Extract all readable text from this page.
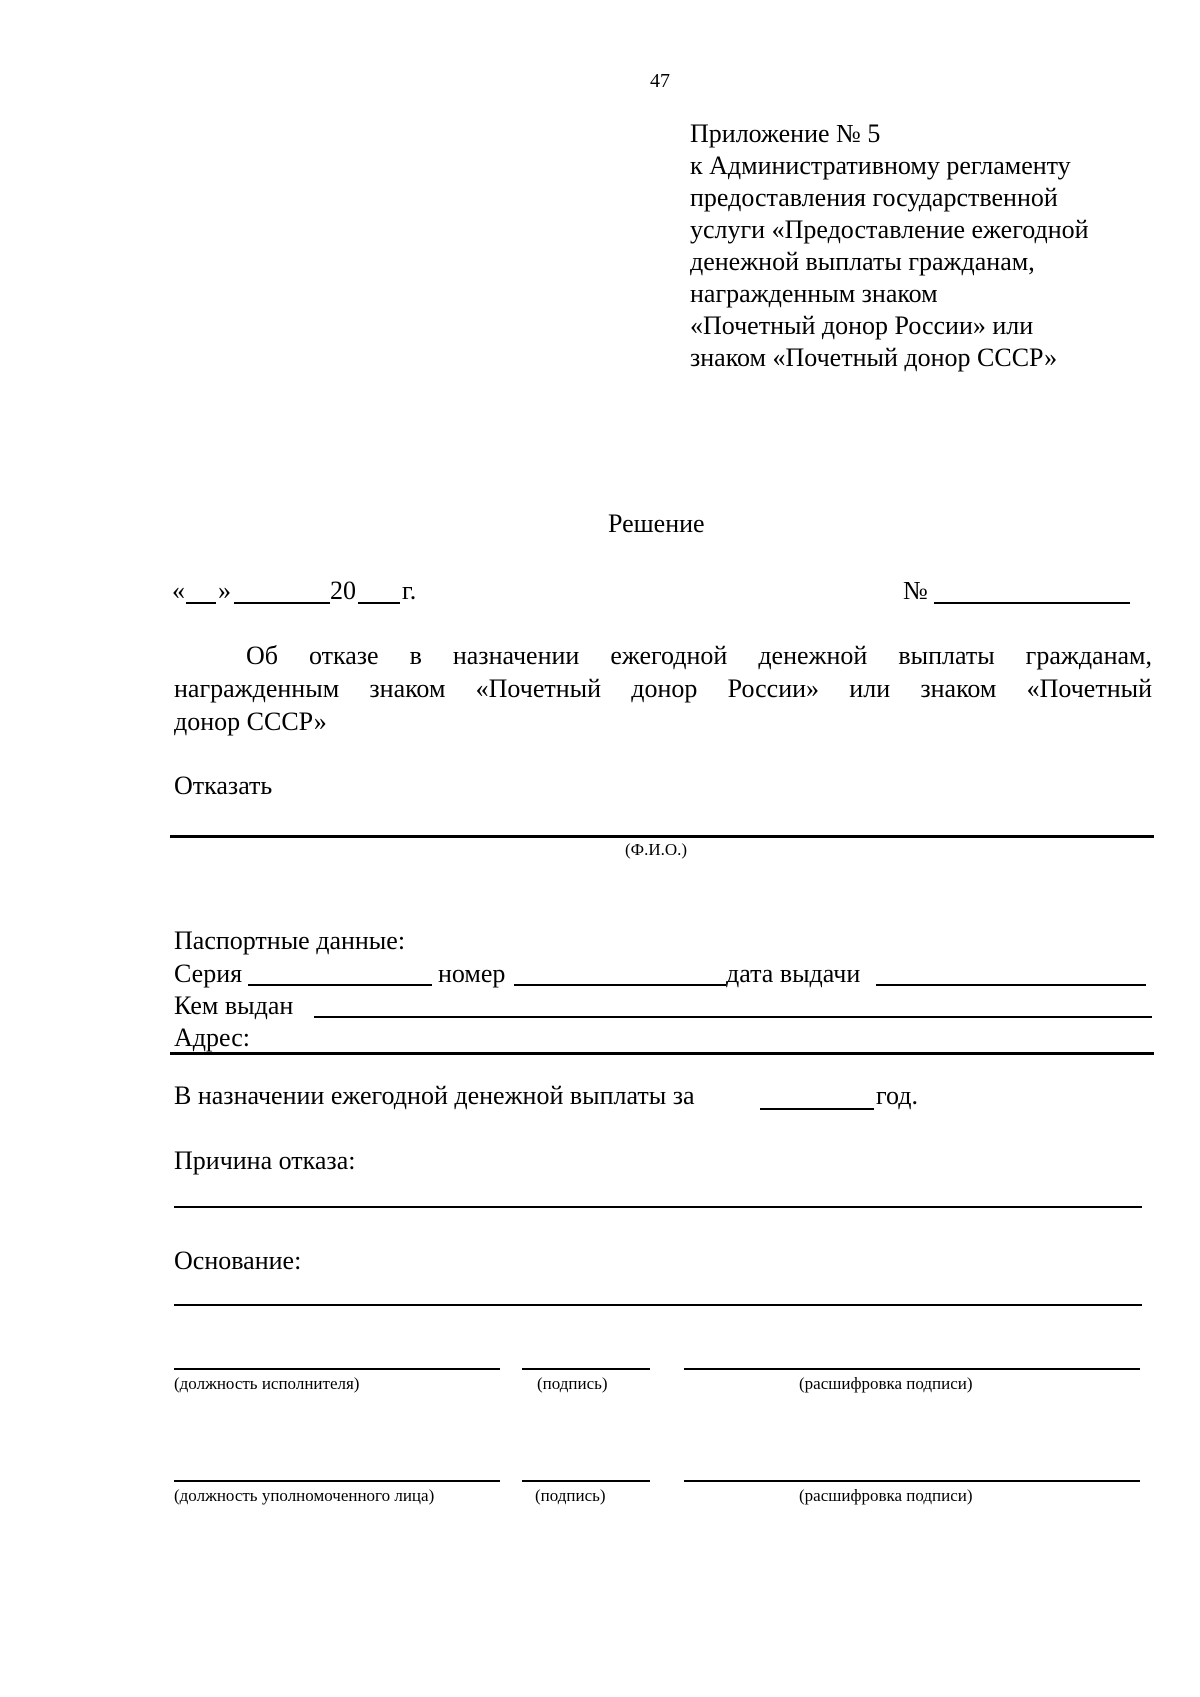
47
Приложение № 5
к Административному регламенту
предоставления государственной
услуги «Предоставление ежегодной
денежной выплаты гражданам,
награжденным знаком
«Почетный донор России» или
знаком «Почетный донор СССР»
Решение
« »	20 г.	№
Об отказе в назначении ежегодной денежной выплаты гражданам,
награжденным знаком «Почетный донор России» или знаком «Почетный
донор СССР»
Отказать
(Ф.И.О.)
Паспортные данные:
Серия	номер	дата выдачи
Кем выдан
Адрес:
В назначении ежегодной денежной выплаты за	год.
Причина отказа:
Основание:
(должность исполнителя)	(подпись)	(расшифровка подписи)
(должность уполномоченного лица)	(подпись)	(расшифровка подписи)
